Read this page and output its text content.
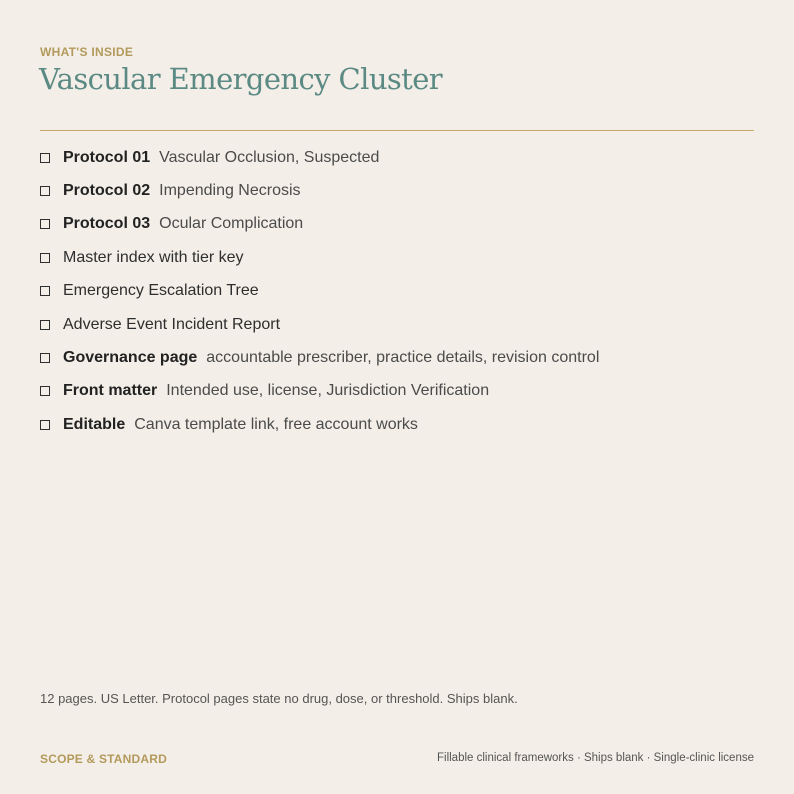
WHAT'S INSIDE
Vascular Emergency Cluster
Protocol 01 Vascular Occlusion, Suspected
Protocol 02 Impending Necrosis
Protocol 03 Ocular Complication
Master index with tier key
Emergency Escalation Tree
Adverse Event Incident Report
Governance page accountable prescriber, practice details, revision control
Front matter Intended use, license, Jurisdiction Verification
Editable Canva template link, free account works
12 pages. US Letter. Protocol pages state no drug, dose, or threshold. Ships blank.
SCOPE & STANDARD	Fillable clinical frameworks · Ships blank · Single-clinic license
